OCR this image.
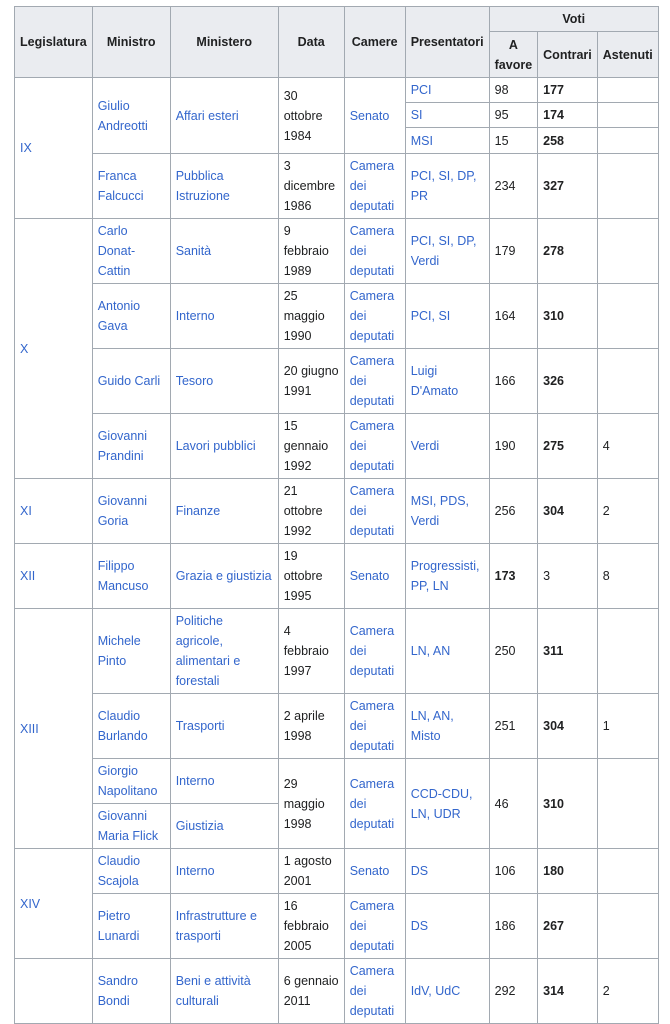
Legislatura	Ministro	Ministero	Data	Camere	Presentatori	Voti		
						A favore	Contrari	Astenuti
IX	Giulio Andreotti	Affari esteri	30 ottobre 1984	Senato	PCI	98	177	
					SI	95	174	
					MSI	15	258	
	Franca Falcucci	Pubblica Istruzione	3 dicembre 1986	Camera dei deputati	PCI, SI, DP, PR	234	327	
X	Carlo Donat-Cattin	Sanità	9 febbraio 1989	Camera dei deputati	PCI, SI, DP, Verdi	179	278	
	Antonio Gava	Interno	25 maggio 1990	Camera dei deputati	PCI, SI	164	310	
	Guido Carli	Tesoro	20 giugno 1991	Camera dei deputati	Luigi D'Amato	166	326	
	Giovanni Prandini	Lavori pubblici	15 gennaio 1992	Camera dei deputati	Verdi	190	275	4
XI	Giovanni Goria	Finanze	21 ottobre 1992	Camera dei deputati	MSI, PDS, Verdi	256	304	2
XII	Filippo Mancuso	Grazia e giustizia	19 ottobre 1995	Senato	Progressisti, PP, LN	173	3	8
XIII	Michele Pinto	Politiche agricole, alimentari e forestali	4 febbraio 1997	Camera dei deputati	LN, AN	250	311	
	Claudio Burlando	Trasporti	2 aprile 1998	Camera dei deputati	LN, AN, Misto	251	304	1
	Giorgio Napolitano	Interno	29 maggio 1998	Camera dei deputati	CCD-CDU, LN, UDR	46	310	
	Giovanni Maria Flick	Giustizia						
XIV	Claudio Scajola	Interno	1 agosto 2001	Senato	DS	106	180	
	Pietro Lunardi	Infrastrutture e trasporti	16 febbraio 2005	Camera dei deputati	DS	186	267	
	Sandro Bondi	Beni e attività culturali	6 gennaio 2011	Camera dei deputati	IdV, UdC	292	314	2
